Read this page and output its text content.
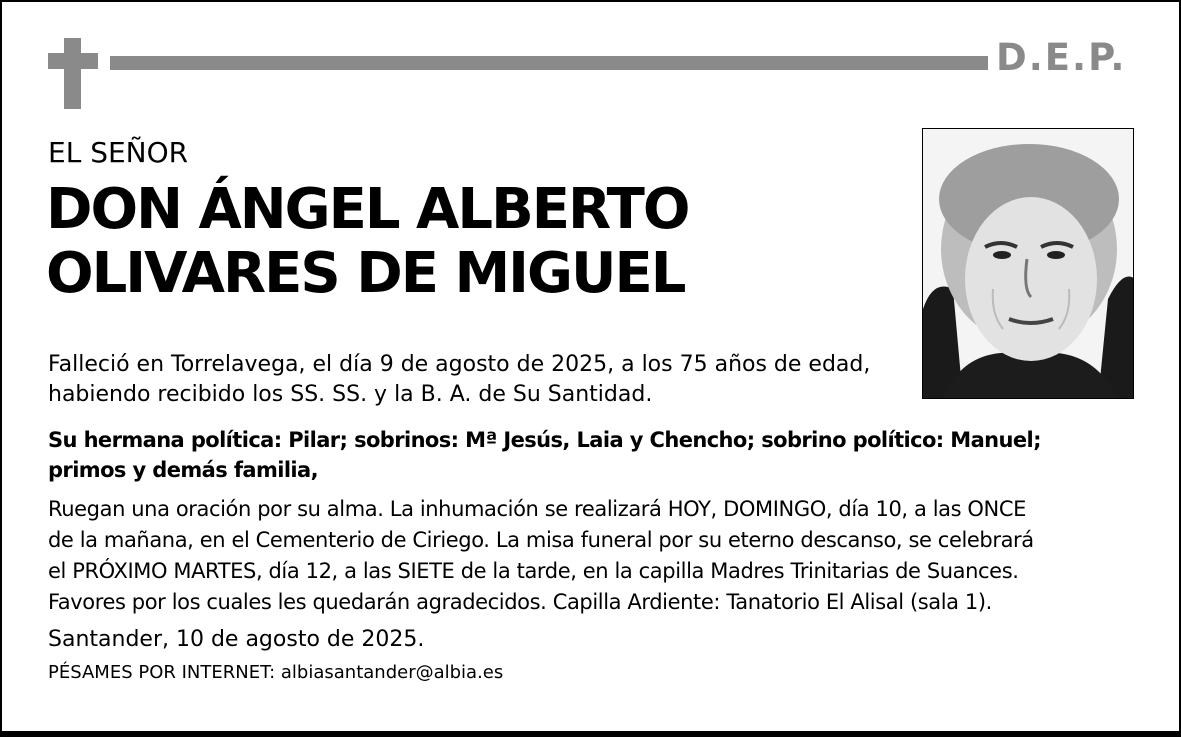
D.E.P.
EL SEÑOR
DON ÁNGEL ALBERTO
OLIVARES DE MIGUEL
Falleció en Torrelavega, el día 9 de agosto de 2025, a los 75 años de edad,
habiendo recibido los SS. SS. y la B. A. de Su Santidad.
Su hermana política: Pilar; sobrinos: Mª Jesús, Laia y Chencho; sobrino político: Manuel;
primos y demás familia,
Ruegan una oración por su alma. La inhumación se realizará HOY, DOMINGO, día 10, a las ONCE
de la mañana, en el Cementerio de Ciriego. La misa funeral por su eterno descanso, se celebrará
el PRÓXIMO MARTES, día 12, a las SIETE de la tarde, en la capilla Madres Trinitarias de Suances.
Favores por los cuales les quedarán agradecidos. Capilla Ardiente: Tanatorio El Alisal (sala 1).
Santander, 10 de agosto de 2025.
PÉSAMES POR INTERNET: albiasantander@albia.es
